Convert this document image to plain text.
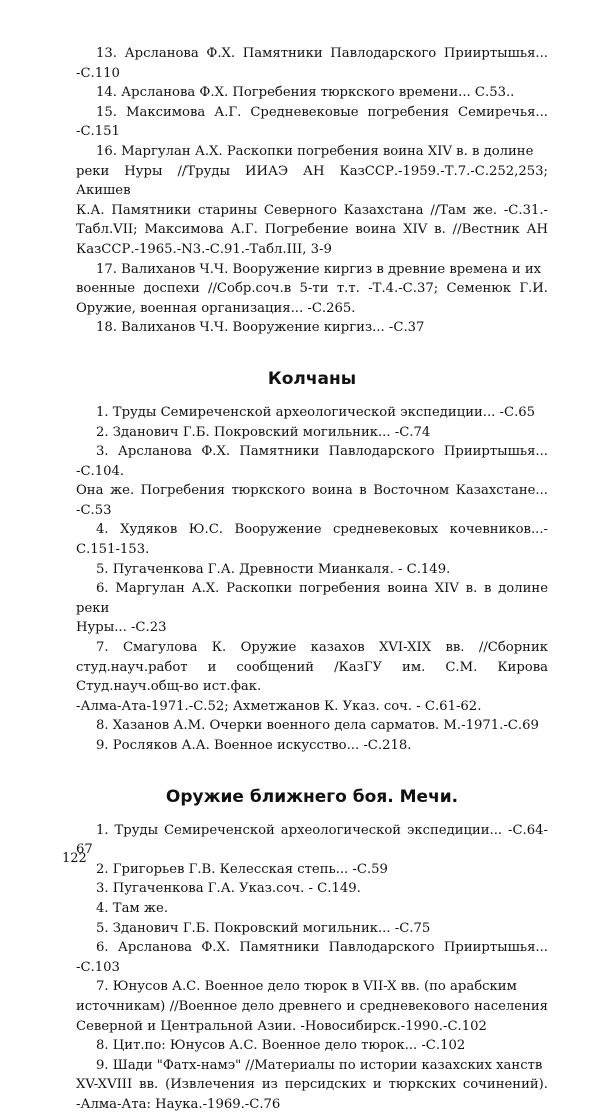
13. Арсланова Ф.Х. Памятники Павлодарского Прииртышья... -С.110

14. Арсланова Ф.Х. Погребения тюркского времени... С.53..

15. Максимова А.Г. Средневековые погребения Семиречья... -С.151

16. Маргулан А.Х. Раскопки погребения воина XIV в. в долине
реки Нуры //Труды ИИАЭ АН КазССР.-1959.-Т.7.-С.252,253; Акишев
К.А. Памятники старины Северного Казахстана //Там же. -С.31.-Табл.VII; Максимова А.Г. Погребение воина XIV в. //Вестник АН КазССР.-1965.-N3.-С.91.-Табл.III, 3-9

17. Валиханов Ч.Ч. Вооружение киргиз в древние времена и их
военные доспехи //Собр.соч.в 5-ти т.т. -Т.4.-С.37; Семенюк Г.И. Оружие, военная организация... -С.265.

18. Валиханов Ч.Ч. Вооружение киргиз... -С.37

Колчаны

1. Труды Семиреченской археологической экспедиции... -С.65

2. Зданович Г.Б. Покровский могильник... -С.74

3. Арсланова Ф.Х. Памятники Павлодарского Прииртышья... -С.104.
Она же. Погребения тюркского воина в Восточном Казахстане... -С.53

4. Худяков Ю.С. Вооружение средневековых кочевников...-С.151-153.

5. Пугаченкова Г.А. Древности Мианкаля. - С.149.

6. Маргулан А.Х. Раскопки погребения воина XIV в. в долине реки
Нуры... -С.23

7. Смагулова К. Оружие казахов XVI-XIX вв. //Сборник студ.науч.работ и сообщений /КазГУ им. С.М. Кирова Студ.науч.общ-во ист.фак.
-Алма-Ата-1971.-С.52; Ахметжанов К. Указ. соч. - С.61-62.

8. Хазанов А.М. Очерки военного дела сарматов. М.-1971.-С.69

9. Росляков А.А. Военное искусство... -С.218.

Оружие ближнего боя. Мечи.

1. Труды Семиреченской археологической экспедиции... -С.64-67

2. Григорьев Г.В. Келесская степь... -С.59

3. Пугаченкова Г.А. Указ.соч. - С.149.

4. Там же.

5. Зданович Г.Б. Покровский могильник... -С.75

6. Арсланова Ф.Х. Памятники Павлодарского Прииртышья... -С.103

7. Юнусов А.С. Военное дело тюрок в VII-X вв. (по арабским
источникам) //Военное дело древнего и средневекового населения Северной и Центральной Азии. -Новосибирск.-1990.-С.102

8. Цит.по: Юнусов А.С. Военное дело тюрок... -С.102

9. Шади "Фатх-намэ" //Материалы по истории казахских ханств
XV-XVIII вв. (Извлечения из персидских и тюркских сочинений). -Алма-Ата: Наука.-1969.-С.76

122
